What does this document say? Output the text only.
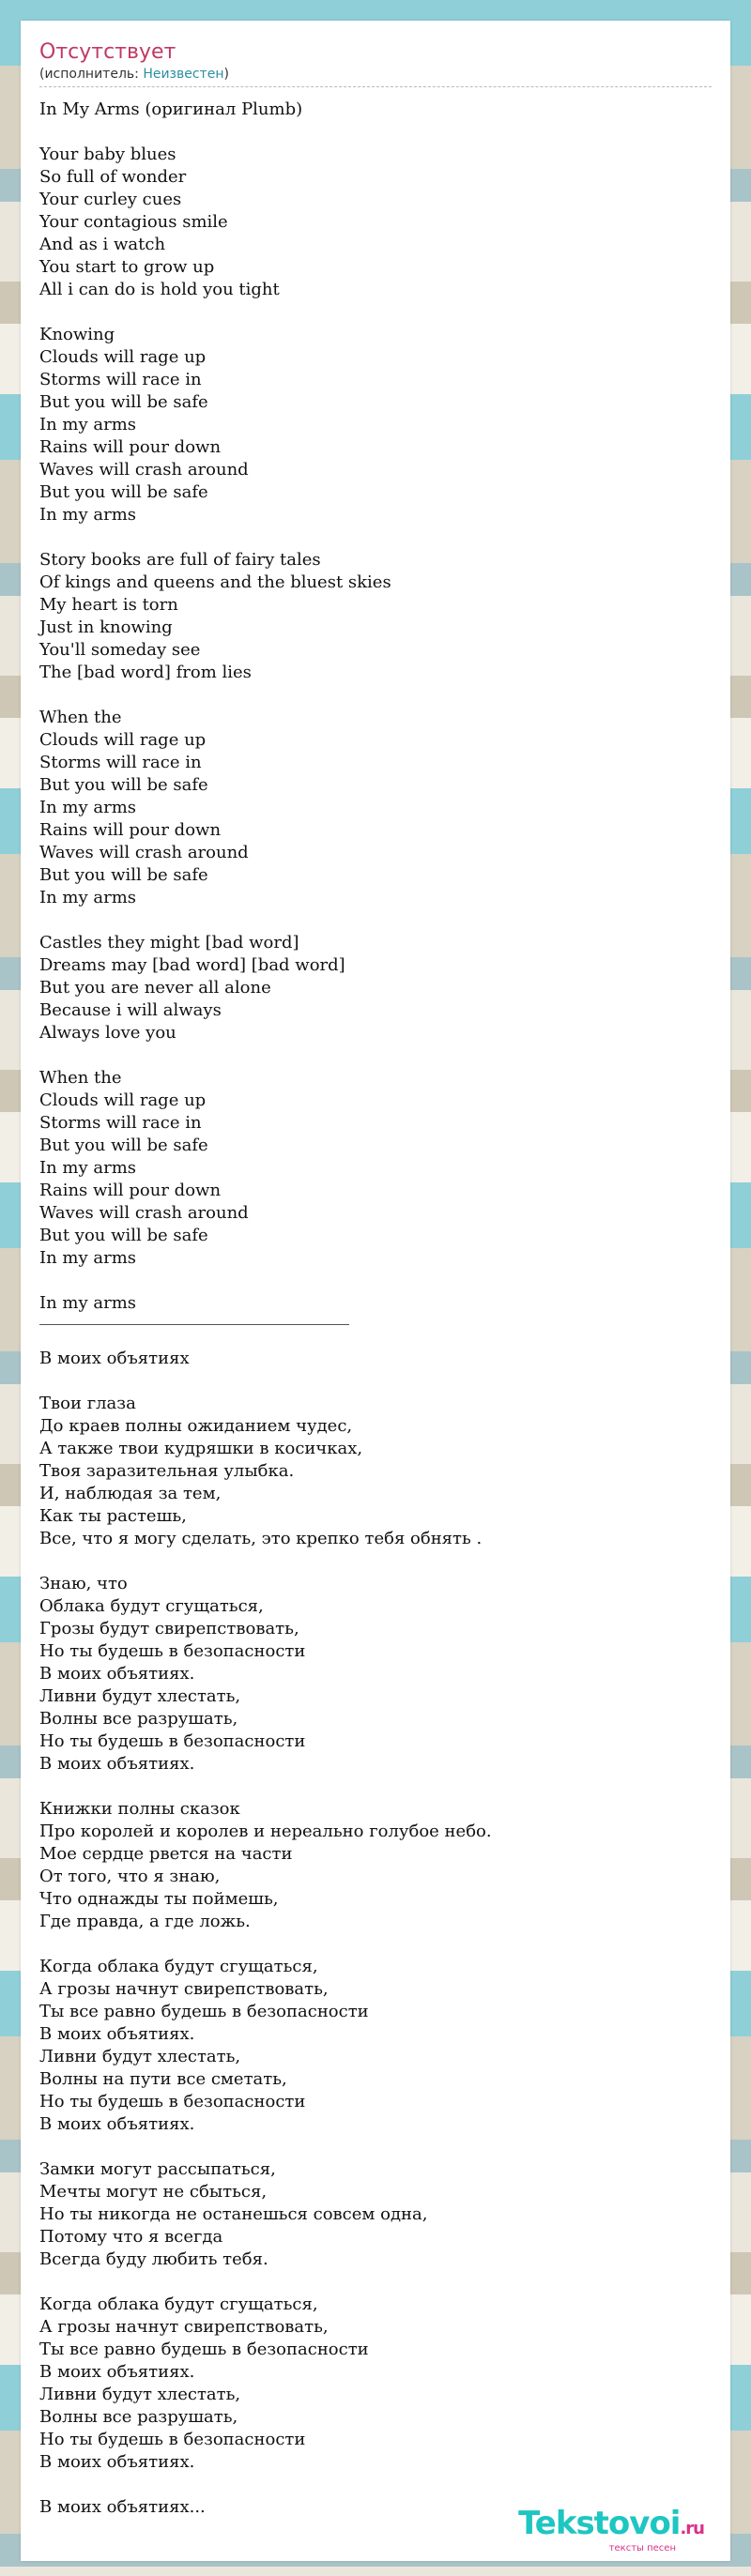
Отсутствует
(исполнитель: Неизвестен)
In My Arms (оригинал Plumb)

Your baby blues
So full of wonder
Your curley cues
Your contagious smile
And as i watch
You start to grow up
All i can do is hold you tight

Knowing
Clouds will rage up
Storms will race in
But you will be safe
In my arms
Rains will pour down
Waves will crash around
But you will be safe
In my arms

Story books are full of fairy tales
Of kings and queens and the bluest skies
My heart is torn
Just in knowing
You'll someday see
The [bad word] from lies

When the
Clouds will rage up
Storms will race in
But you will be safe
In my arms
Rains will pour down
Waves will crash around
But you will be safe
In my arms

Castles they might [bad word]
Dreams may [bad word] [bad word]
But you are never all alone
Because i will always
Always love you

When the
Clouds will rage up
Storms will race in
But you will be safe
In my arms
Rains will pour down
Waves will crash around
But you will be safe
In my arms

In my arms
В моих объятиях

Твои глаза
До краев полны ожиданием чудес,
А также твои кудряшки в косичках,
Твоя заразительная улыбка.
И, наблюдая за тем,
Как ты растешь,
Все, что я могу сделать, это крепко тебя обнять .

Знаю, что
Облака будут сгущаться,
Грозы будут свирепствовать,
Но ты будешь в безопасности
В моих объятиях.
Ливни будут хлестать,
Волны все разрушать,
Но ты будешь в безопасности
В моих объятиях.

Книжки полны сказок
Про королей и королев и нереально голубое небо.
Мое сердце рвется на части
От того, что я знаю,
Что однажды ты поймешь,
Где правда, а где ложь.

Когда облака будут сгущаться,
А грозы начнут свирепствовать,
Ты все равно будешь в безопасности
В моих объятиях.
Ливни будут хлестать,
Волны на пути все сметать,
Но ты будешь в безопасности
В моих объятиях.

Замки могут рассыпаться,
Мечты могут не сбыться,
Но ты никогда не останешься совсем одна,
Потому что я всегда
Всегда буду любить тебя.

Когда облака будут сгущаться,
А грозы начнут свирепствовать,
Ты все равно будешь в безопасности
В моих объятиях.
Ливни будут хлестать,
Волны все разрушать,
Но ты будешь в безопасности
В моих объятиях.

В моих объятиях...	Tekstovoi.ru
тексты песен
